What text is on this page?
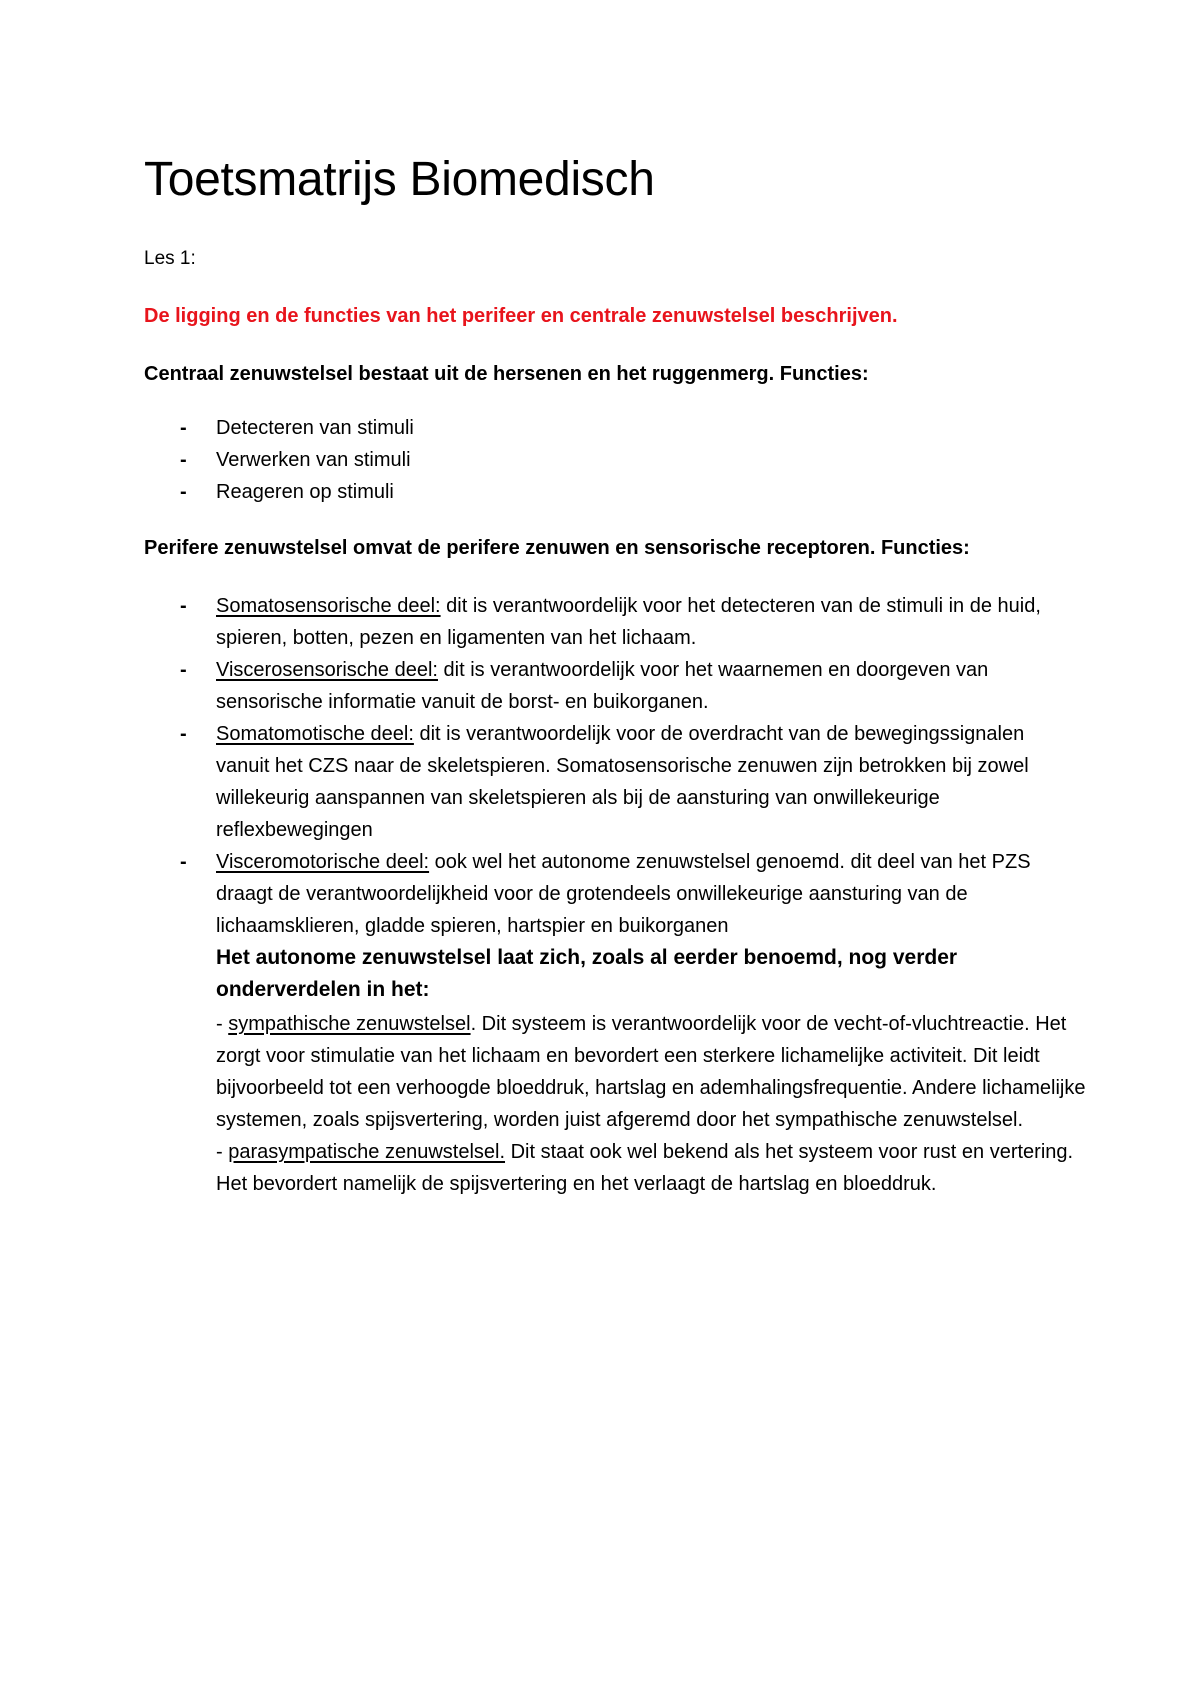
Toetsmatrijs Biomedisch

Les 1:

De ligging en de functies van het perifeer en centrale zenuwstelsel beschrijven.

Centraal zenuwstelsel bestaat uit de hersenen en het ruggenmerg. Functies:

- Detecteren van stimuli
- Verwerken van stimuli
- Reageren op stimuli

Perifere zenuwstelsel omvat de perifere zenuwen en sensorische receptoren. Functies:

- Somatosensorische deel: dit is verantwoordelijk voor het detecteren van de stimuli in de huid, spieren, botten, pezen en ligamenten van het lichaam.
- Viscerosensorische deel: dit is verantwoordelijk voor het waarnemen en doorgeven van sensorische informatie vanuit de borst- en buikorganen.
- Somatomotische deel: dit is verantwoordelijk voor de overdracht van de bewegingssignalen vanuit het CZS naar de skeletspieren. Somatosensorische zenuwen zijn betrokken bij zowel willekeurig aanspannen van skeletspieren als bij de aansturing van onwillekeurige reflexbewegingen
- Visceromotorische deel: ook wel het autonome zenuwstelsel genoemd. dit deel van het PZS draagt de verantwoordelijkheid voor de grotendeels onwillekeurige aansturing van de lichaamsklieren, gladde spieren, hartspier en buikorganen

Het autonome zenuwstelsel laat zich, zoals al eerder benoemd, nog verder onderverdelen in het:

- sympathische zenuwstelsel. Dit systeem is verantwoordelijk voor de vecht-of-vluchtreactie. Het zorgt voor stimulatie van het lichaam en bevordert een sterkere lichamelijke activiteit. Dit leidt bijvoorbeeld tot een verhoogde bloeddruk, hartslag en ademhalingsfrequentie. Andere lichamelijke systemen, zoals spijsvertering, worden juist afgeremd door het sympathische zenuwstelsel.
- parasympatische zenuwstelsel. Dit staat ook wel bekend als het systeem voor rust en vertering. Het bevordert namelijk de spijsvertering en het verlaagt de hartslag en bloeddruk.
